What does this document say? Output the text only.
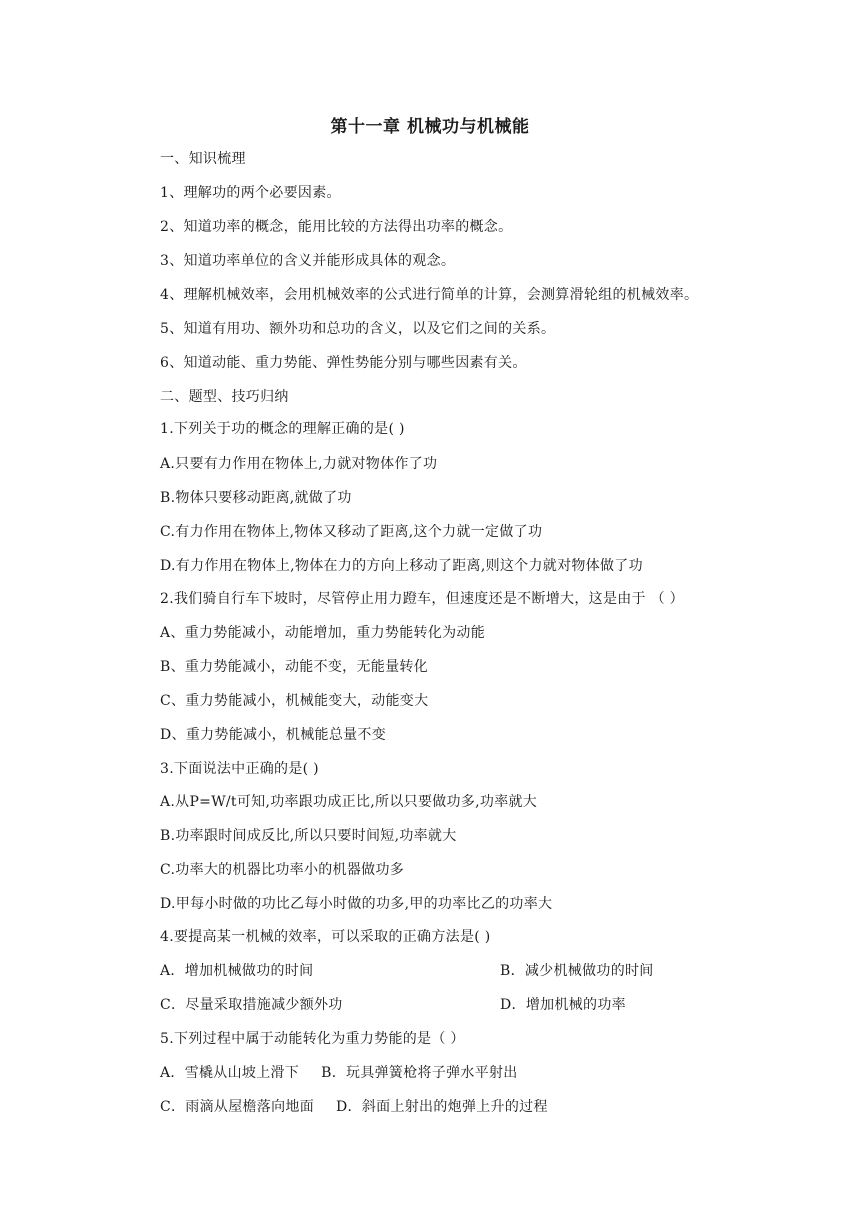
第十一章 机械功与机械能
一、知识梳理
1、理解功的两个必要因素。
2、知道功率的概念，能用比较的方法得出功率的概念。
3、知道功率单位的含义并能形成具体的观念。
4、理解机械效率，会用机械效率的公式进行简单的计算，会测算滑轮组的机械效率。
5、知道有用功、额外功和总功的含义，以及它们之间的关系。
6、知道动能、重力势能、弹性势能分别与哪些因素有关。
二、题型、技巧归纳
1.下列关于功的概念的理解正确的是( )
A.只要有力作用在物体上,力就对物体作了功
B.物体只要移动距离,就做了功
C.有力作用在物体上,物体又移动了距离,这个力就一定做了功
D.有力作用在物体上,物体在力的方向上移动了距离,则这个力就对物体做了功
2.我们骑自行车下坡时，尽管停止用力蹬车，但速度还是不断增大，这是由于 （ ）
A、重力势能减小，动能增加，重力势能转化为动能
B、重力势能减小，动能不变，无能量转化
C、重力势能减小，机械能变大，动能变大
D、重力势能减小，机械能总量不变
3.下面说法中正确的是( )
A.从P=W/t可知,功率跟功成正比,所以只要做功多,功率就大
B.功率跟时间成反比,所以只要时间短,功率就大
C.功率大的机器比功率小的机器做功多
D.甲每小时做的功比乙每小时做的功多,甲的功率比乙的功率大
4.要提高某一机械的效率，可以采取的正确方法是( )
A．增加机械做功的时间	B．减少机械做功的时间
C．尽量采取措施减少额外功	D．增加机械的功率
5.下列过程中属于动能转化为重力势能的是（ ）
A．雪橇从山坡上滑下 B．玩具弹簧枪将子弹水平射出
C．雨滴从屋檐落向地面 D．斜面上射出的炮弹上升的过程
